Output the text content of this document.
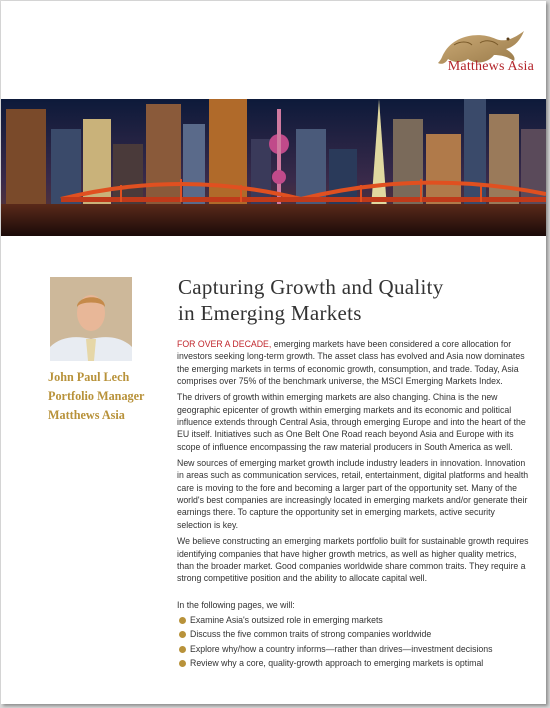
Matthews Asia
John Paul Lech
Portfolio Manager
Matthews Asia
Capturing Growth and Quality
in Emerging Markets

FOR OVER A DECADE, emerging markets have been considered a core allocation for investors seeking long-term growth. The asset class has evolved and Asia now dominates the emerging markets in terms of economic growth, consumption, and trade. Today, Asia comprises over 75% of the benchmark universe, the MSCI Emerging Markets Index.

The drivers of growth within emerging markets are also changing. China is the new geographic epicenter of growth within emerging markets and its economic and political influence extends through Central Asia, through emerging Europe and into the heart of the EU itself. Initiatives such as One Belt One Road reach beyond Asia and Europe with its scope of influence encompassing the raw material producers in South America as well.

New sources of emerging market growth include industry leaders in innovation. Innovation in areas such as communication services, retail, entertainment, digital platforms and health care is moving to the fore and becoming a larger part of the opportunity set. Many of the world's best companies are increasingly located in emerging markets and/or generate their earnings there. To capture the opportunity set in emerging markets, active security selection is key.

We believe constructing an emerging markets portfolio built for sustainable growth requires identifying companies that have higher growth metrics, as well as higher quality metrics, than the broader market. Good companies worldwide share common traits. They require a strong competitive position and the ability to allocate capital well.

In the following pages, we will:

Examine Asia's outsized role in emerging markets
Discuss the five common traits of strong companies worldwide
Explore why/how a country informs—rather than drives—investment decisions
Review why a core, quality-growth approach to emerging markets is optimal
